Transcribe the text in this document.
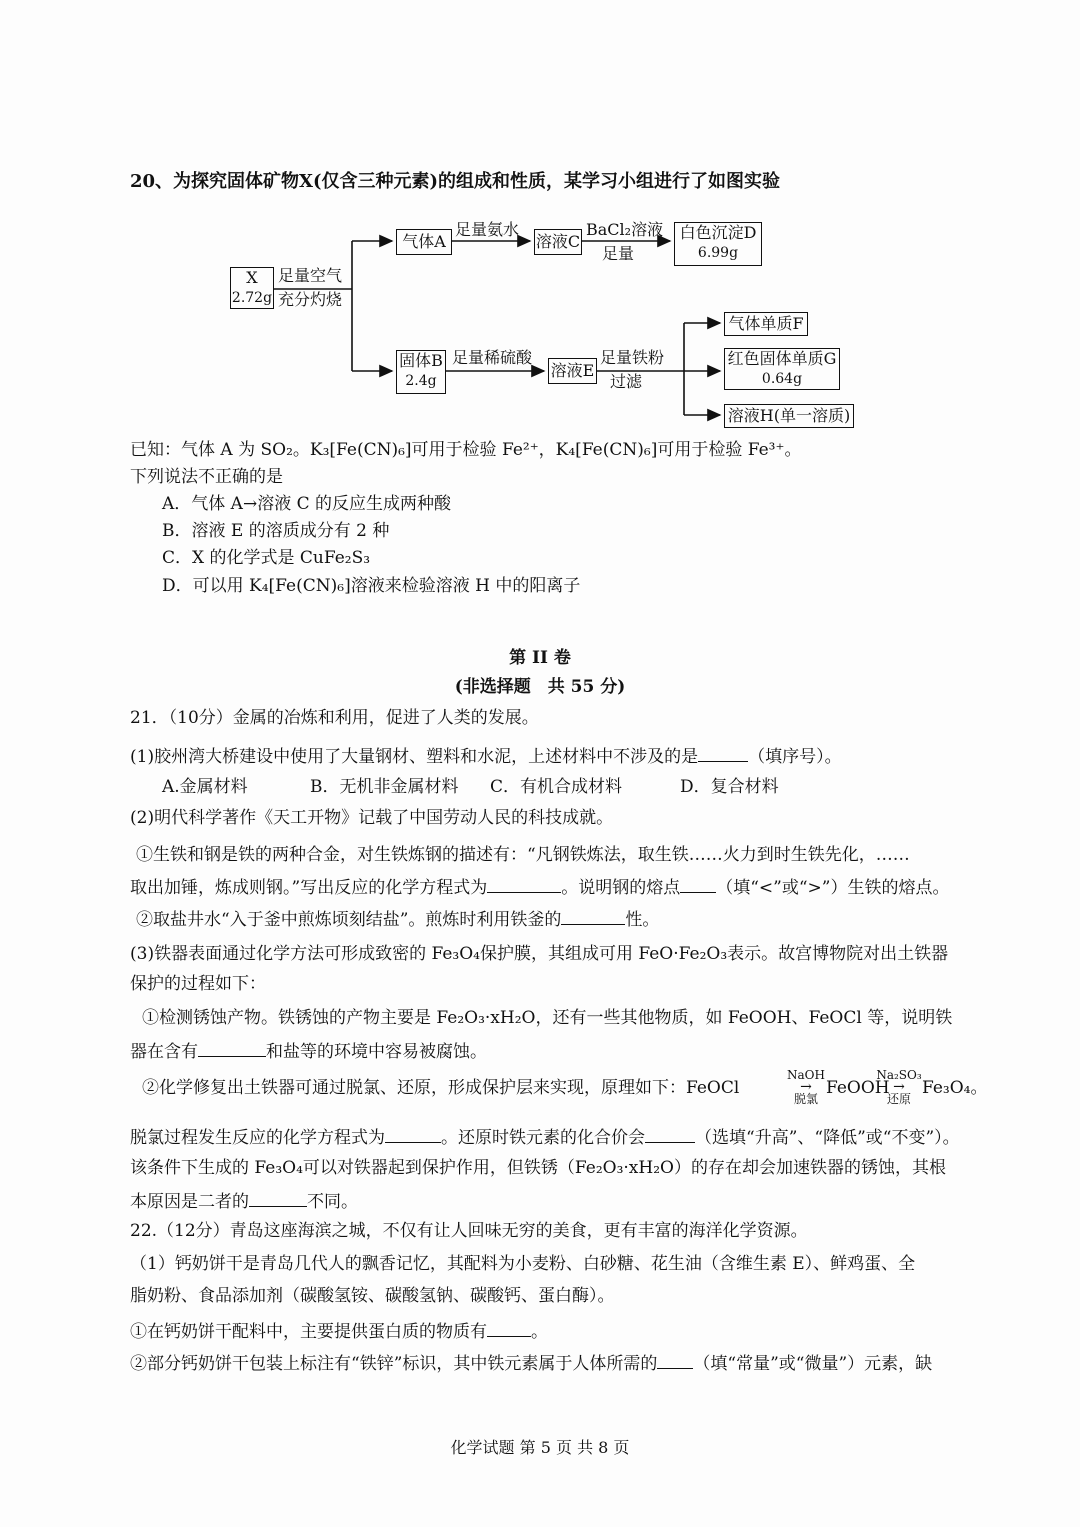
20、为探究固体矿物X(仅含三种元素)的组成和性质，某学习小组进行了如图实验
X
2.72g
足量空气
充分灼烧
气体A
足量氨水
溶液C
BaCl₂溶液
足量
白色沉淀D
6.99g
固体B
2.4g
足量稀硫酸
溶液E
足量铁粉
过滤
气体单质F
红色固体单质G
0.64g
溶液H(单一溶质)
已知：气体 A 为 SO₂。K₃[Fe(CN)₆]可用于检验 Fe²⁺，K₄[Fe(CN)₆]可用于检验 Fe³⁺。
下列说法不正确的是
A．气体 A→溶液 C 的反应生成两种酸
B．溶液 E 的溶质成分有 2 种
C．X 的化学式是 CuFe₂S₃
D．可以用 K₄[Fe(CN)₆]溶液来检验溶液 H 中的阳离子
第 II 卷
(非选择题　共 55 分)
21．（10分）金属的冶炼和利用，促进了人类的发展。
(1)胶州湾大桥建设中使用了大量钢材、塑料和水泥，上述材料中不涉及的是	（填序号）。
A.金属材料	B．无机非金属材料 C．有机合成材料	D．复合材料
(2)明代科学著作《天工开物》记载了中国劳动人民的科技成就。
①生铁和钢是铁的两种合金，对生铁炼钢的描述有：“凡钢铁炼法，取生铁……火力到时生铁先化，……
取出加锤，炼成则钢。”写出反应的化学方程式为	。说明钢的熔点 （填“<”或“>”）生铁的熔点。
②取盐井水“入于釜中煎炼顷刻结盐”。煎炼时利用铁釜的	性。
(3)铁器表面通过化学方法可形成致密的 Fe₃O₄保护膜，其组成可用 FeO·Fe₂O₃表示。故宫博物院对出土铁器
保护的过程如下：
①检测锈蚀产物。铁锈蚀的产物主要是 Fe₂O₃·xH₂O，还有一些其他物质，如 FeOOH、FeOCl 等，说明铁
器在含有	和盐等的环境中容易被腐蚀。
②化学修复出土铁器可通过脱氯、还原，形成保护层来实现，原理如下：FeOCl
NaOH
→
脱氯
FeOOH
Na₂SO₃
→
还原
Fe₃O₄。
脱氯过程发生反应的化学方程式为	。还原时铁元素的化合价会	（选填“升高”、“降低”或“不变”）。
该条件下生成的 Fe₃O₄可以对铁器起到保护作用，但铁锈（Fe₂O₃·xH₂O）的存在却会加速铁器的锈蚀，其根
本原因是二者的	不同。
22.（12分）青岛这座海滨之城，不仅有让人回味无穷的美食，更有丰富的海洋化学资源。
（1）钙奶饼干是青岛几代人的飘香记忆，其配料为小麦粉、白砂糖、花生油（含维生素 E）、鲜鸡蛋、全
脂奶粉、食品添加剂（碳酸氢铵、碳酸氢钠、碳酸钙、蛋白酶）。
①在钙奶饼干配料中，主要提供蛋白质的物质有	。
②部分钙奶饼干包装上标注有“铁锌”标识，其中铁元素属于人体所需的 （填“常量”或“微量”）元素，缺
化学试题 第 5 页 共 8 页
